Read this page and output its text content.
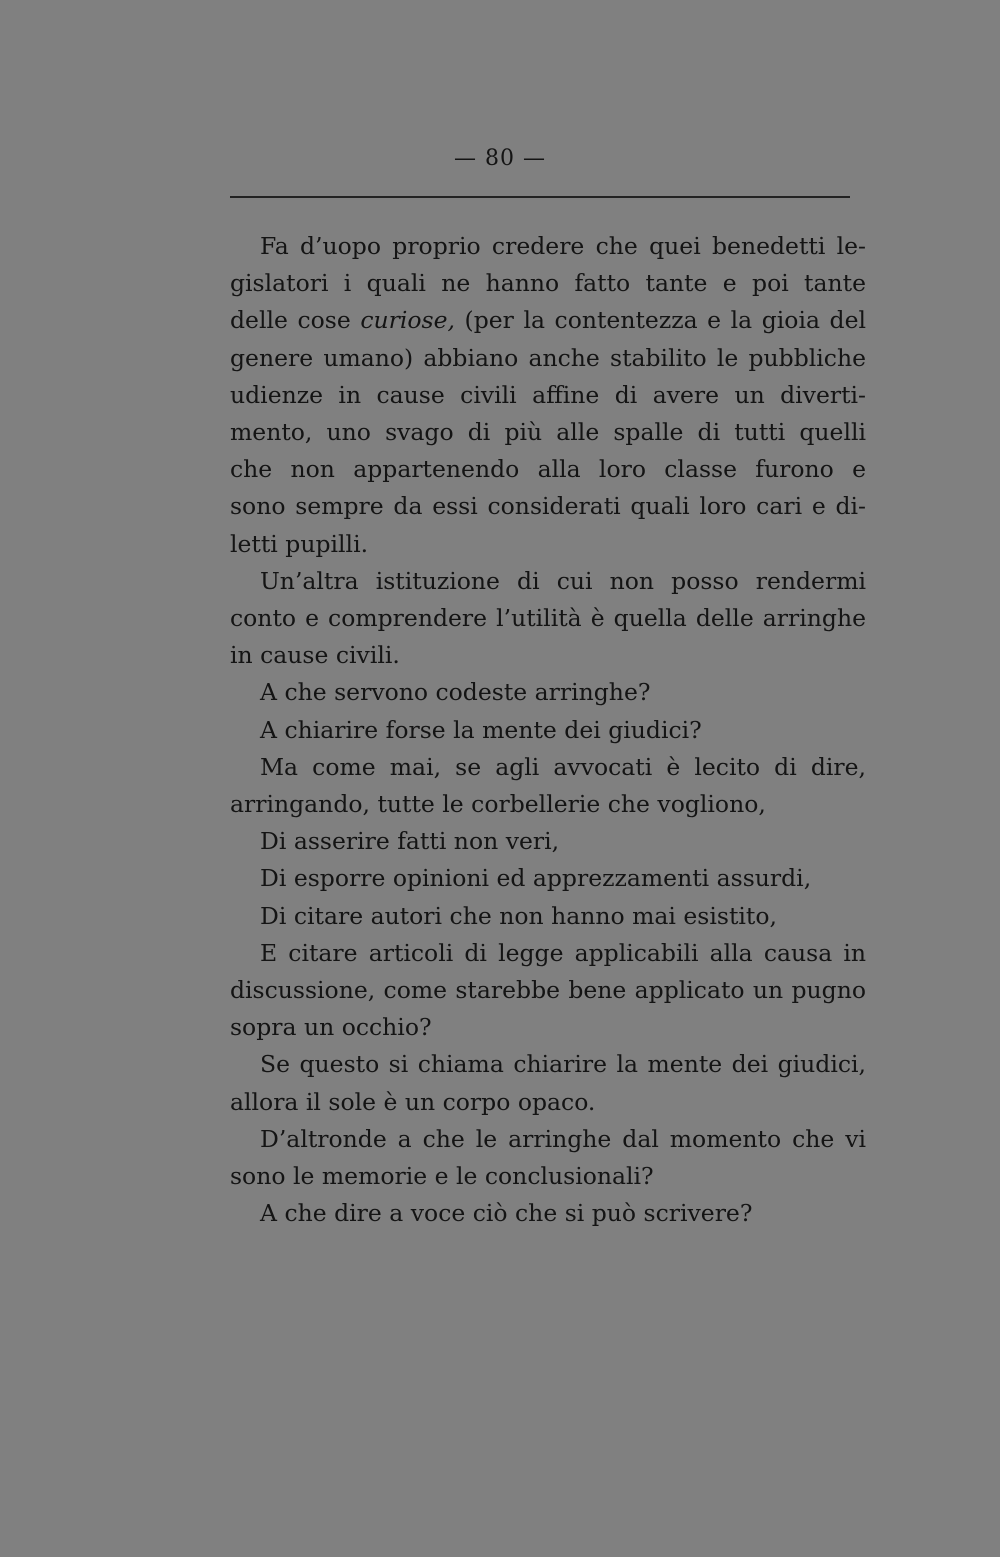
— 80 —
Fa d’uopo proprio credere che quei benedetti le-
gislatori i quali ne hanno fatto tante e poi tante
delle cose curiose, (per la contentezza e la gioia del
genere umano) abbiano anche stabilito le pubbliche
udienze in cause civili affine di avere un diverti-
mento, uno svago di più alle spalle di tutti quelli
che non appartenendo alla loro classe furono e
sono sempre da essi considerati quali loro cari e di-
letti pupilli.
Un’altra istituzione di cui non posso rendermi
conto e comprendere l’utilità è quella delle arringhe
in cause civili.
A che servono codeste arringhe?
A chiarire forse la mente dei giudici?
Ma come mai, se agli avvocati è lecito di dire,
arringando, tutte le corbellerie che vogliono,
Di asserire fatti non veri,
Di esporre opinioni ed apprezzamenti assurdi,
Di citare autori che non hanno mai esistito,
E citare articoli di legge applicabili alla causa in
discussione, come starebbe bene applicato un pugno
sopra un occhio?
Se questo si chiama chiarire la mente dei giudici,
allora il sole è un corpo opaco.
D’altronde a che le arringhe dal momento che vi
sono le memorie e le conclusionali?
A che dire a voce ciò che si può scrivere?
